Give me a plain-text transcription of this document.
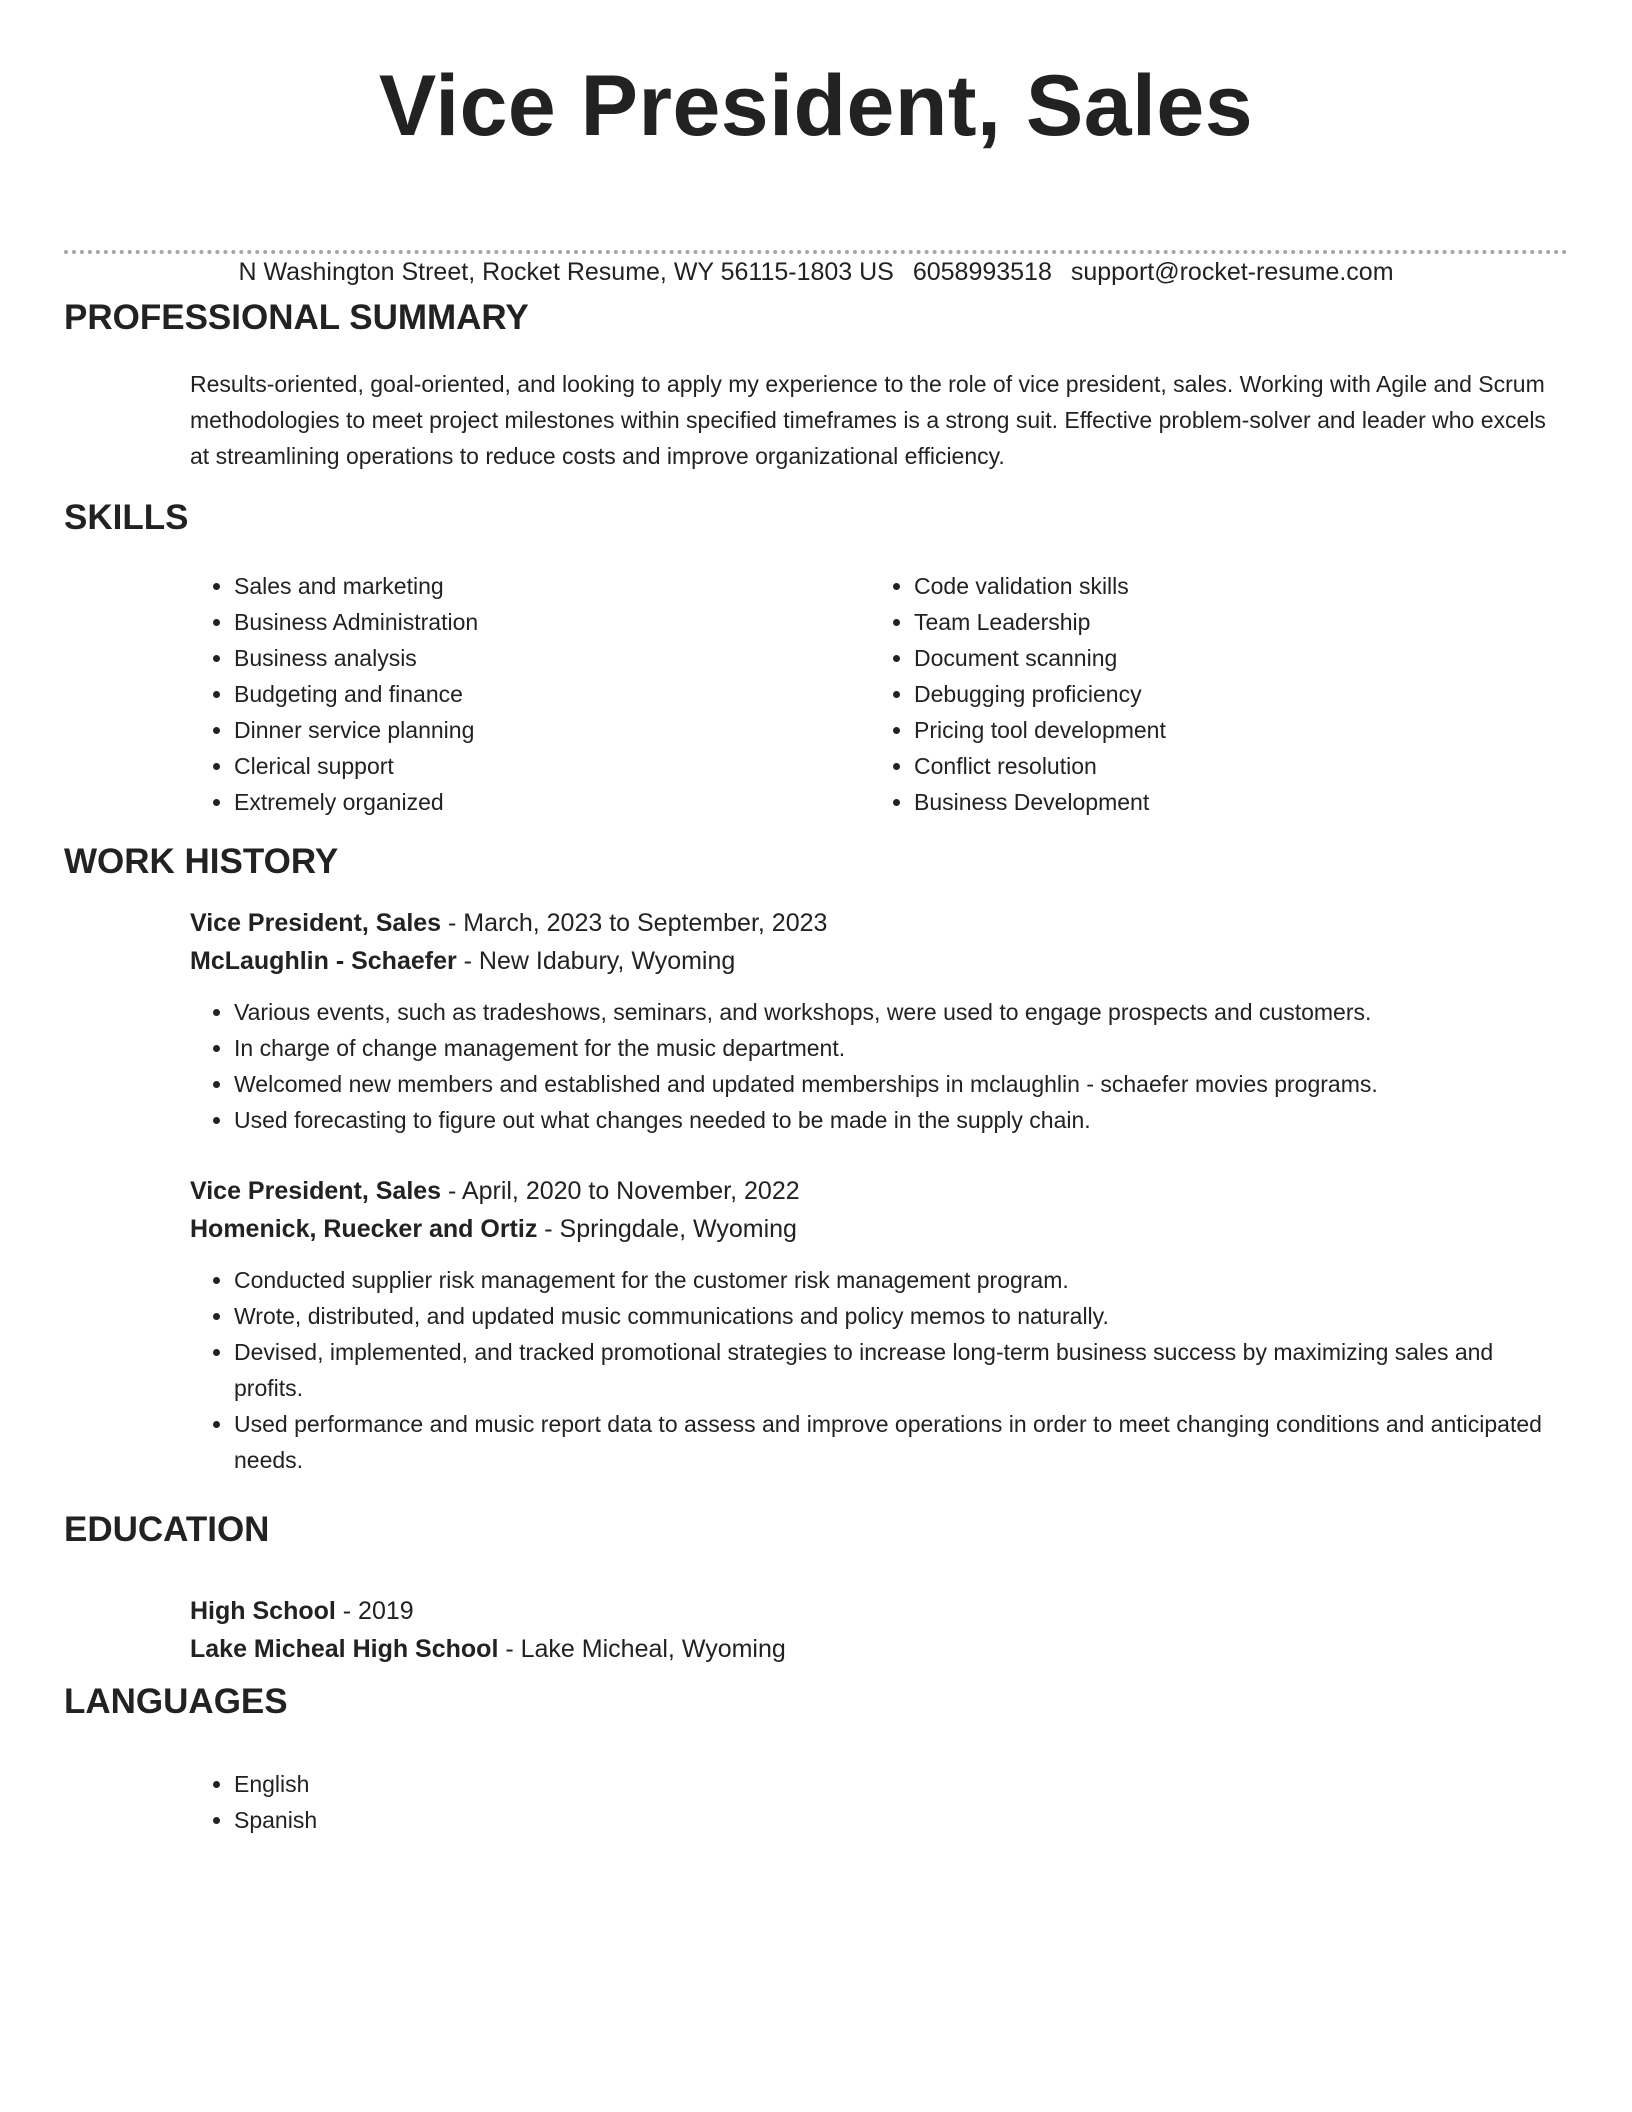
Vice President, Sales
N Washington Street, Rocket Resume, WY 56115-1803 US 6058993518 support@rocket-resume.com
PROFESSIONAL SUMMARY

Results-oriented, goal-oriented, and looking to apply my experience to the role of vice president, sales. Working with Agile and Scrum methodologies to meet project milestones within specified timeframes is a strong suit. Effective problem-solver and leader who excels at streamlining operations to reduce costs and improve organizational efficiency.

SKILLS
• Sales and marketing
• Business Administration
• Business analysis
• Budgeting and finance
• Dinner service planning
• Clerical support
• Extremely organized
• Code validation skills
• Team Leadership
• Document scanning
• Debugging proficiency
• Pricing tool development
• Conflict resolution
• Business Development
WORK HISTORY

Vice President, Sales - March, 2023 to September, 2023

McLaughlin - Schaefer - New Idabury, Wyoming

• Various events, such as tradeshows, seminars, and workshops, were used to engage prospects and customers.
• In charge of change management for the music department.
• Welcomed new members and established and updated memberships in mclaughlin - schaefer movies programs.
• Used forecasting to figure out what changes needed to be made in the supply chain.

Vice President, Sales - April, 2020 to November, 2022

Homenick, Ruecker and Ortiz - Springdale, Wyoming

• Conducted supplier risk management for the customer risk management program.
• Wrote, distributed, and updated music communications and policy memos to naturally.
• Devised, implemented, and tracked promotional strategies to increase long-term business success by maximizing sales and profits.
• Used performance and music report data to assess and improve operations in order to meet changing conditions and anticipated needs.
EDUCATION

High School - 2019

Lake Micheal High School - Lake Micheal, Wyoming

LANGUAGES
• English
• Spanish
